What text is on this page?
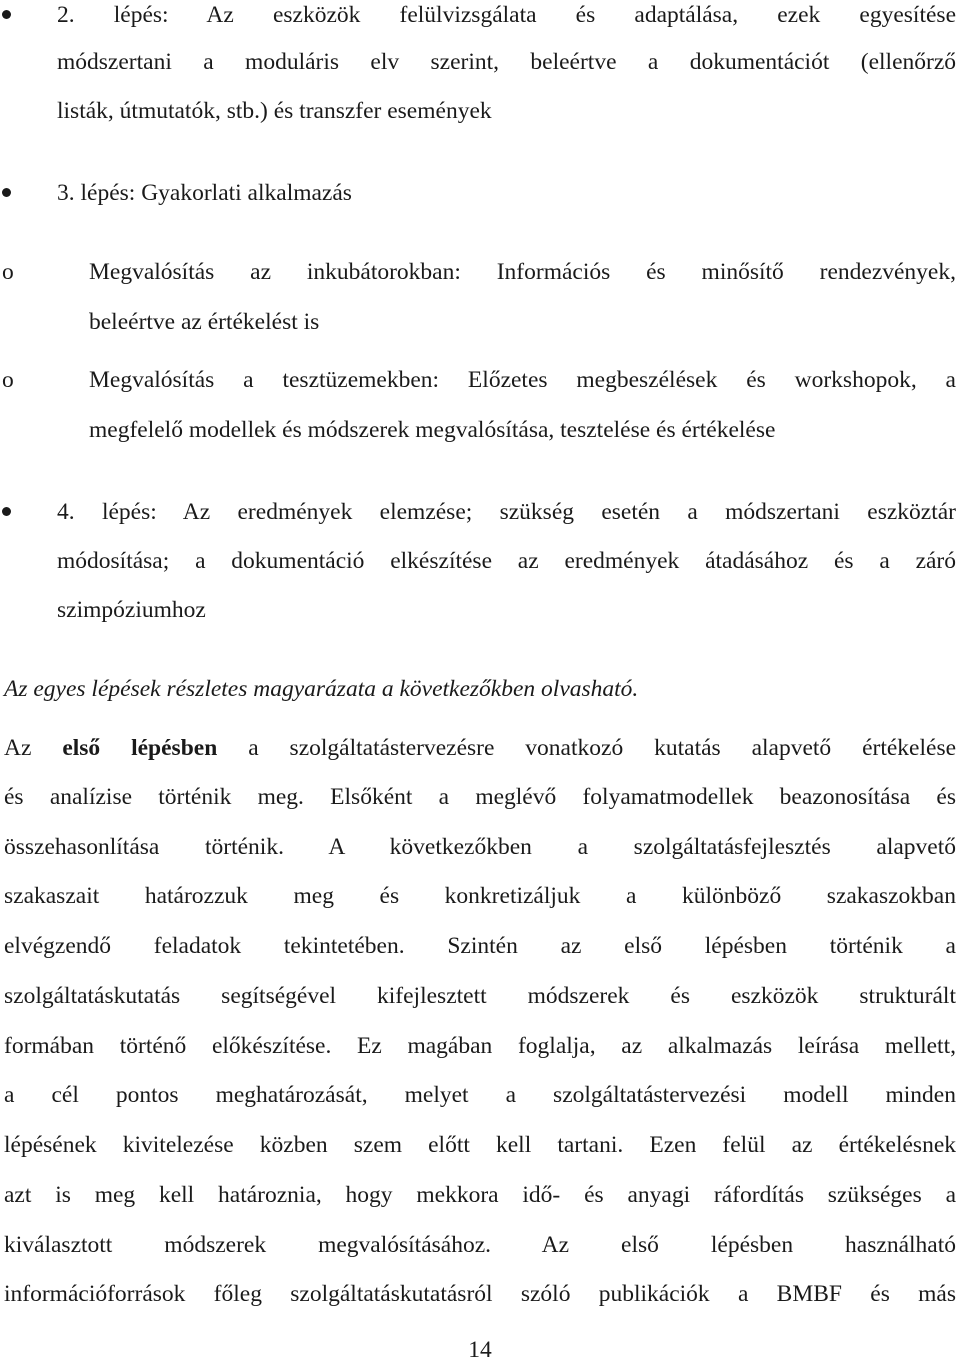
2. lépés: Az eszközök felülvizsgálata és adaptálása, ezek egyesítése
módszertani a moduláris elv szerint, beleértve a dokumentációt (ellenőrző
listák, útmutatók, stb.) és transzfer események
3. lépés: Gyakorlati alkalmazás
o	Megvalósítás az inkubátorokban: Információs és minősítő rendezvények,
beleértve az értékelést is
o	Megvalósítás a tesztüzemekben: Előzetes megbeszélések és workshopok, a
megfelelő modellek és módszerek megvalósítása, tesztelése és értékelése
4. lépés: Az eredmények elemzése; szükség esetén a módszertani eszköztár
módosítása; a dokumentáció elkészítése az eredmények átadásához és a záró
szimpóziumhoz
Az egyes lépések részletes magyarázata a következőkben olvasható.
Az első lépésben a szolgáltatástervezésre vonatkozó kutatás alapvető értékelése
és analízise történik meg. Elsőként a meglévő folyamatmodellek beazonosítása és
összehasonlítása történik. A következőkben a szolgáltatásfejlesztés alapvető
szakaszait határozzuk meg és konkretizáljuk a különböző szakaszokban
elvégzendő feladatok tekintetében. Szintén az első lépésben történik a
szolgáltatáskutatás segítségével kifejlesztett módszerek és eszközök strukturált
formában történő előkészítése. Ez magában foglalja, az alkalmazás leírása mellett,
a cél pontos meghatározását, melyet a szolgáltatástervezési modell minden
lépésének kivitelezése közben szem előtt kell tartani. Ezen felül az értékelésnek
azt is meg kell határoznia, hogy mekkora idő- és anyagi ráfordítás szükséges a
kiválasztott módszerek megvalósításához. Az első lépésben használható
információforrások főleg szolgáltatáskutatásról szóló publikációk a BMBF és más
14
